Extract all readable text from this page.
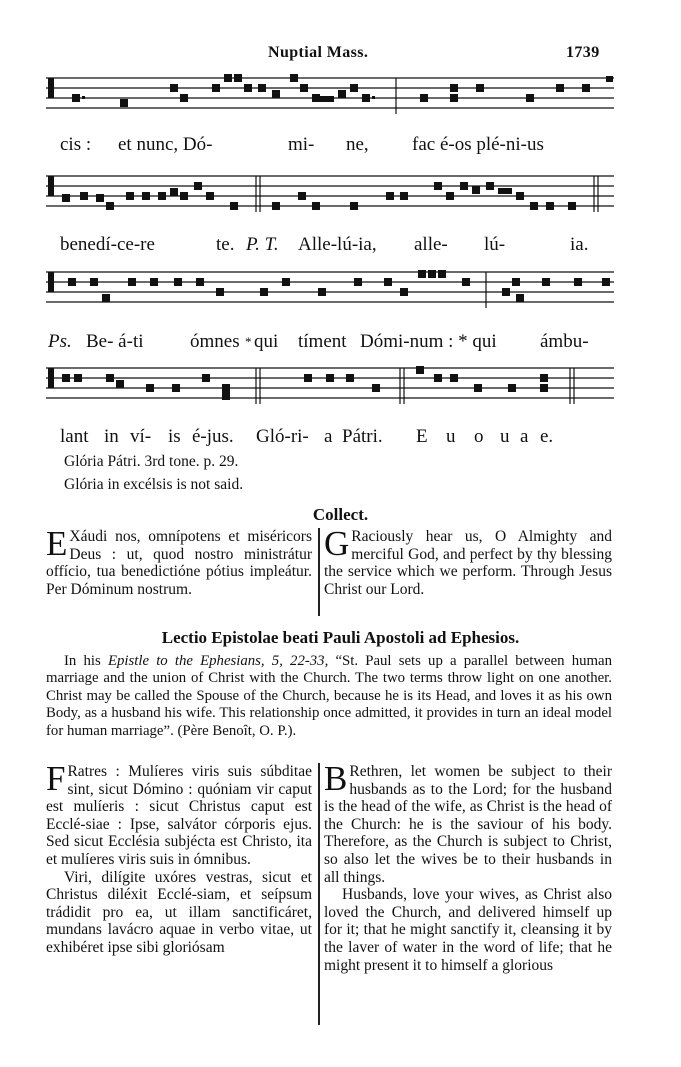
Nuptial Mass.	1739
cis : et nunc, Dó-	mi- ne, fac é-os plé-ni-us
benedí-ce-re	te. P. T. Alle-lú-ia, alle- lú-	ia.
Ps. Be- á-ti ómnes * qui tíment Dómi-num : * qui ámbu-
lant in ví- is é-jus. Gló-ri- a Pátri. E u o u a e.
Glória Pátri. 3rd tone. p. 29.
Glória in excélsis is not said.
Collect.

E Xáudi nos, omnípotens et miséricors Deus : ut, quod nostro ministrátur offício, tua benedictióne pótius impleátur. Per Dóminum nostrum.

G Raciously hear us, O Almighty and merciful God, and perfect by thy blessing the service which we perform. Through Jesus Christ our Lord.

Lectio Epistolae beati Pauli Apostoli ad Ephesios.
In his Epistle to the Ephesians, 5, 22-33, “St. Paul sets up a parallel between human marriage and the union of Christ with the Church. The two terms throw light on one another. Christ may be called the Spouse of the Church, because he is its Head, and loves it as his own Body, as a husband his wife. This relationship once admitted, it provides in turn an ideal model for human marriage”. (Père Benoît, O. P.).

F Ratres : Mulíeres viris suis súbditae sint, sicut Dómino : quóniam vir caput est mulíeris : sicut Christus caput est Ecclé-siae : Ipse, salvátor córporis ejus. Sed sicut Ecclésia subjécta est Christo, ita et mulíeres viris suis in ómnibus.

Viri, dilígite uxóres vestras, sicut et Christus diléxit Ecclé-siam, et seípsum trádidit pro ea, ut illam sanctificáret, mundans lavácro aquae in verbo vitae, ut exhibéret ipse sibi gloriósam

B Rethren, let women be subject to their husbands as to the Lord; for the husband is the head of the wife, as Christ is the head of the Church: he is the saviour of his body. Therefore, as the Church is subject to Christ, so also let the wives be to their husbands in all things.

Husbands, love your wives, as Christ also loved the Church, and delivered himself up for it; that he might sanctify it, cleansing it by the laver of water in the word of life; that he might present it to himself a glorious
